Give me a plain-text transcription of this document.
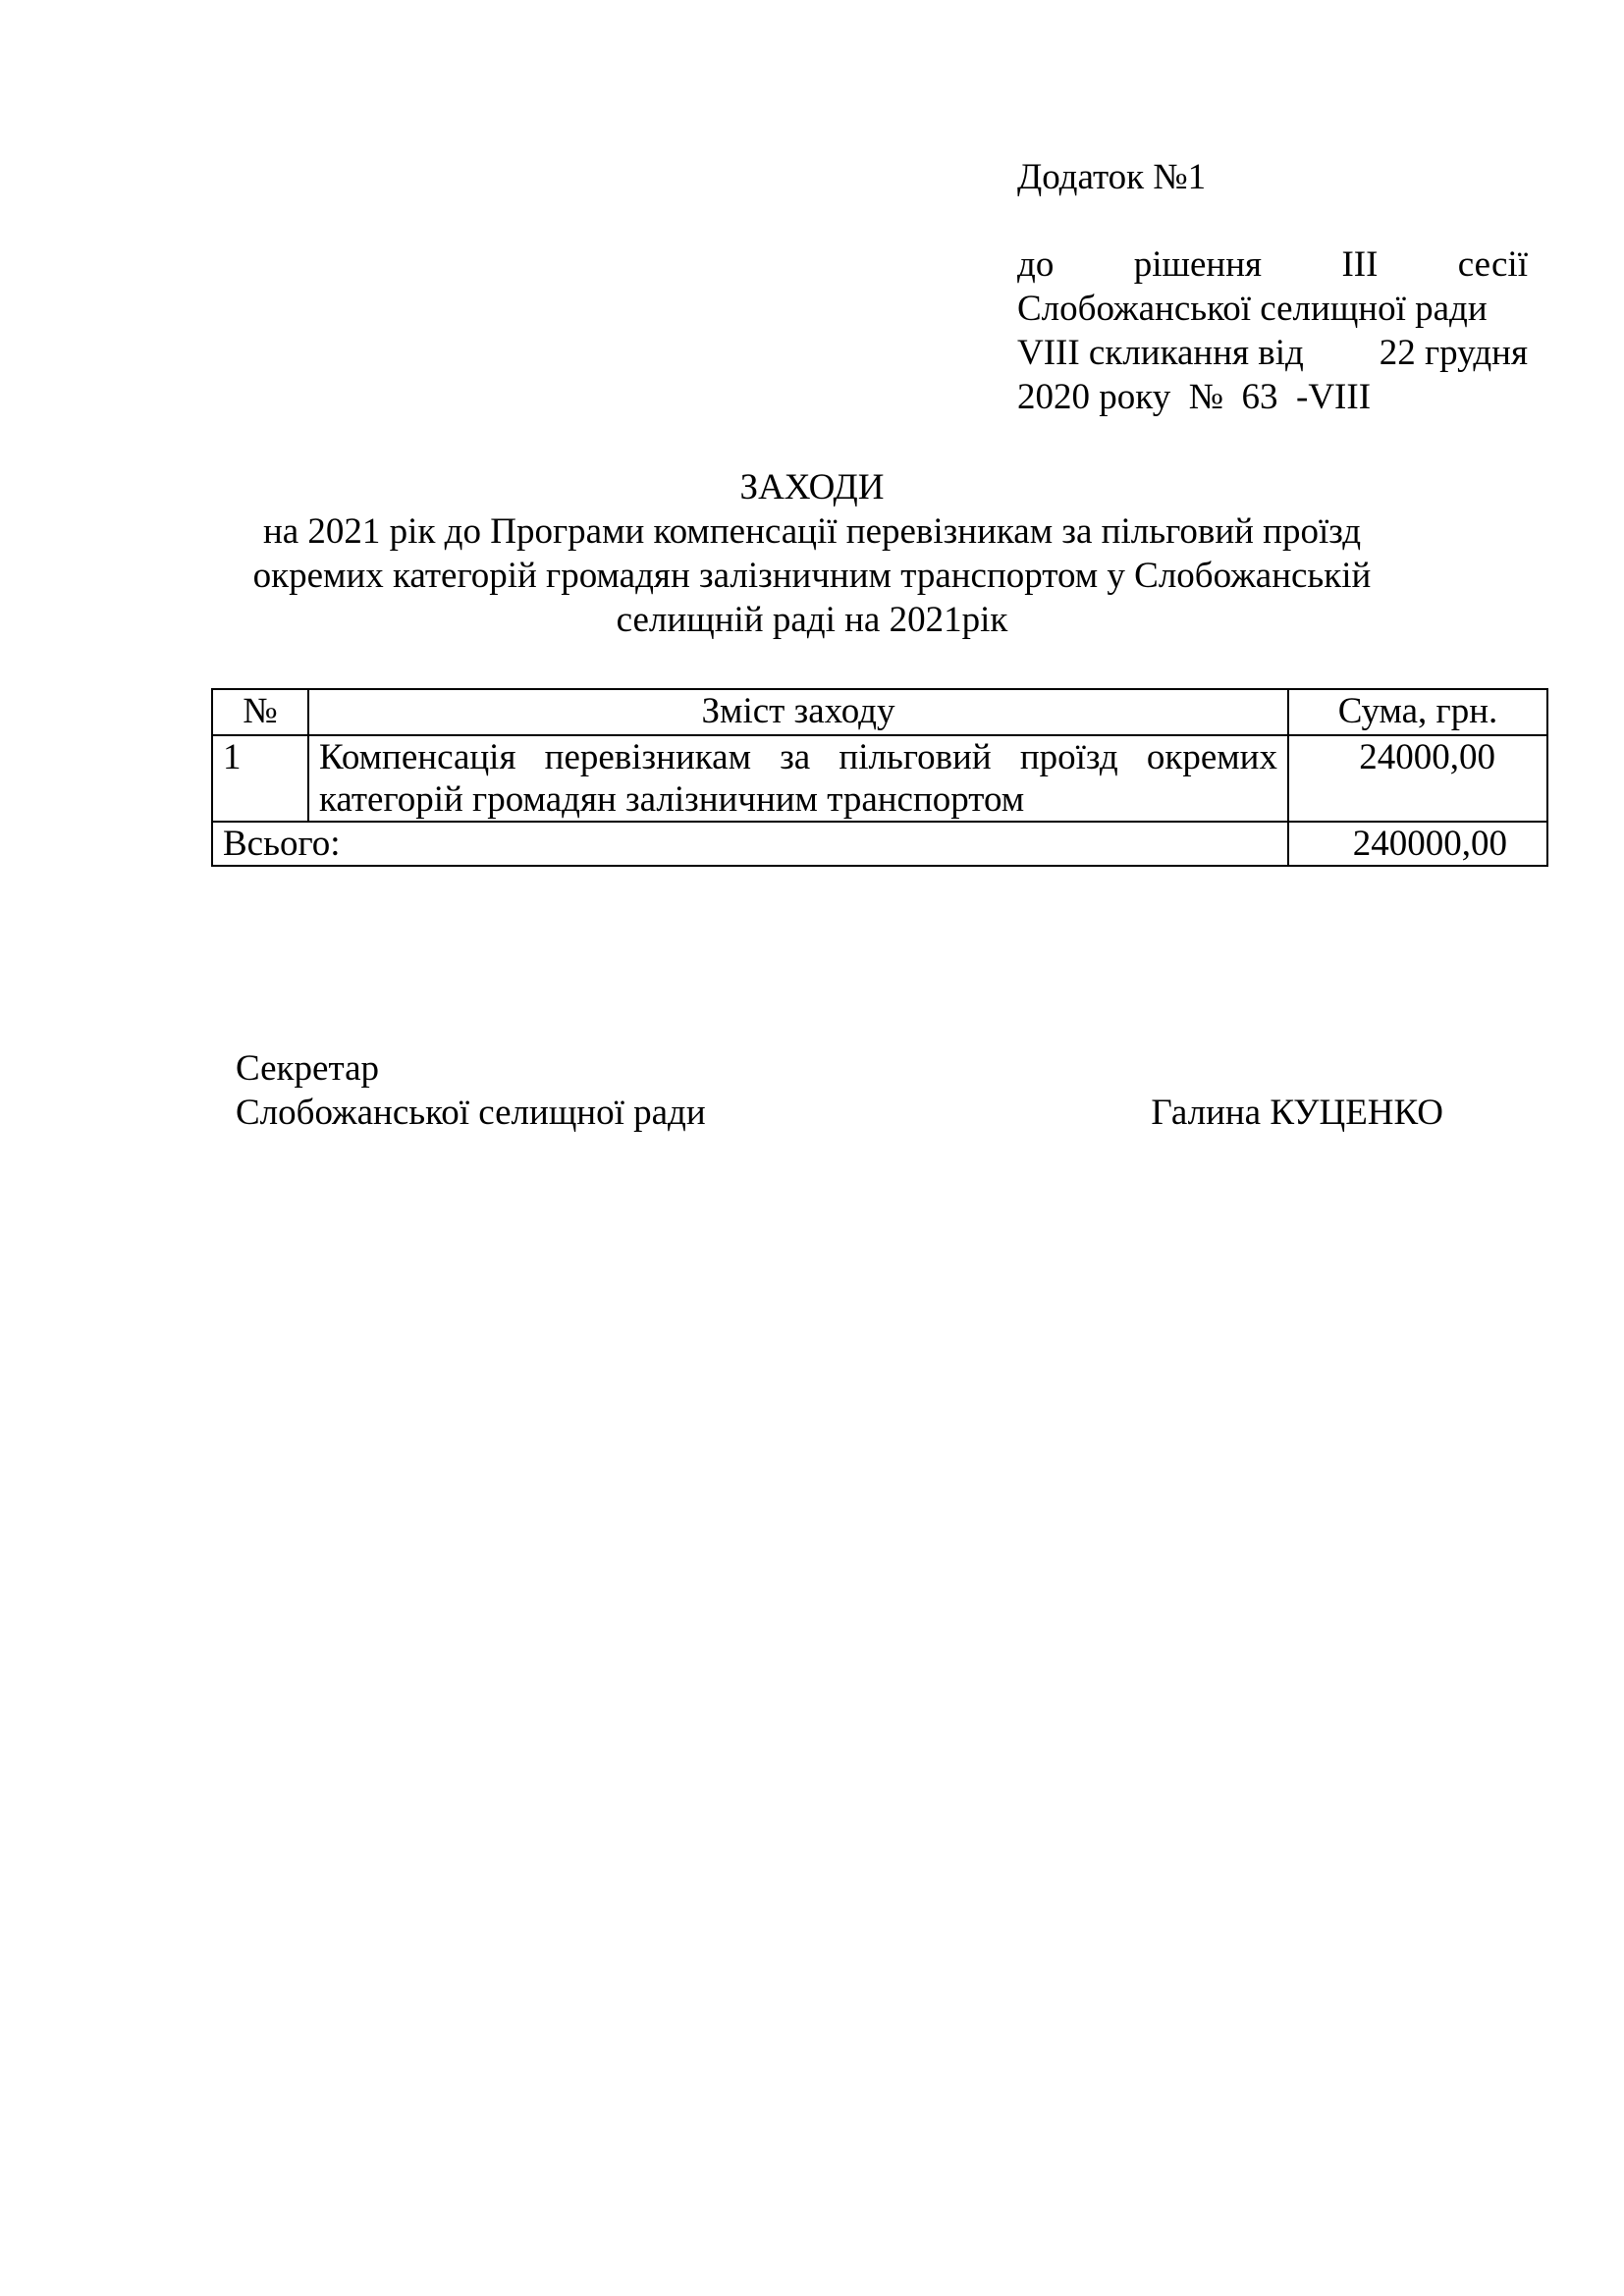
Додаток №1
до рішення III сесії
Слобожанської селищної ради
VIII скликання від 22 грудня
2020 року  №  63  -VIII
ЗАХОДИ
на 2021 рік до Програми компенсації перевізникам за пільговий проїзд
окремих категорій громадян залізничним транспортом у Слобожанській
селищній раді на 2021рік
№	Зміст заходу	Сума, грн.
1	Компенсація перевізникам за пільговий проїзд окремих категорій громадян залізничним транспортом	24000,00
Всього:		240000,00
Секретар
Слобожанської селищної ради	Галина КУЦЕНКО
